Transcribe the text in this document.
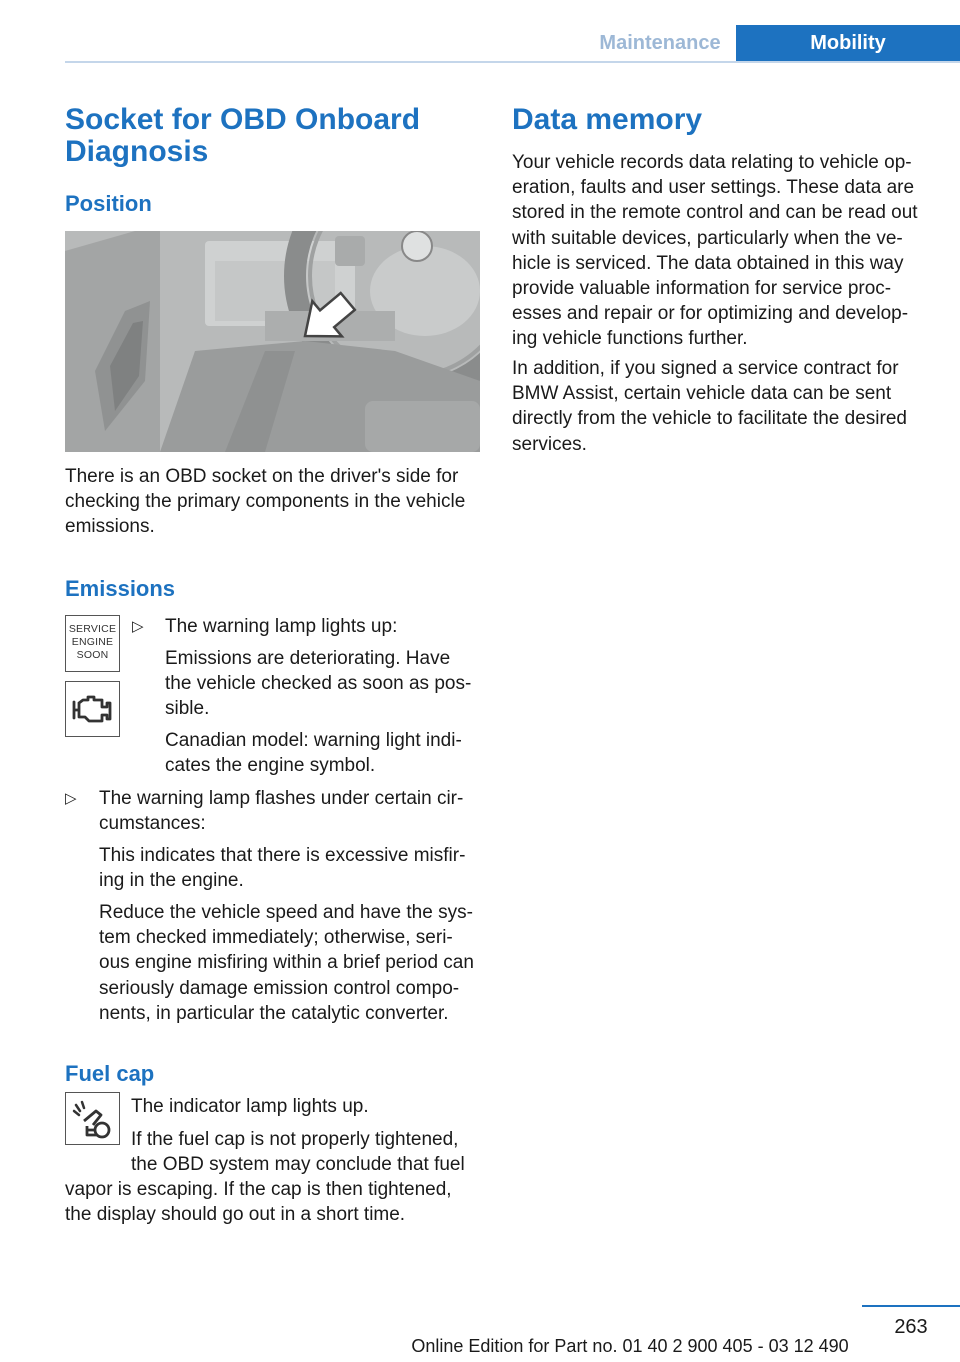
Maintenance	Mobility
Socket for OBD Onboard
Diagnosis
Position
There is an OBD socket on the driver's side for
checking the primary components in the vehicle
emissions.
Emissions
SERVICE
ENGINE
SOON
▷ The warning lamp lights up:
Emissions are deteriorating. Have
the vehicle checked as soon as pos-
sible.
Canadian model: warning light indi-
cates the engine symbol.
▷ The warning lamp flashes under certain cir-
cumstances:
This indicates that there is excessive misfir-
ing in the engine.
Reduce the vehicle speed and have the sys-
tem checked immediately; otherwise, seri-
ous engine misfiring within a brief period can
seriously damage emission control compo-
nents, in particular the catalytic converter.
Fuel cap
The indicator lamp lights up.
If the fuel cap is not properly tightened,
the OBD system may conclude that fuel
vapor is escaping. If the cap is then tightened,
the display should go out in a short time.
Data memory
Your vehicle records data relating to vehicle op-
eration, faults and user settings. These data are
stored in the remote control and can be read out
with suitable devices, particularly when the ve-
hicle is serviced. The data obtained in this way
provide valuable information for service proc-
esses and repair or for optimizing and develop-
ing vehicle functions further.
In addition, if you signed a service contract for
BMW Assist, certain vehicle data can be sent
directly from the vehicle to facilitate the desired
services.
263
Online Edition for Part no. 01 40 2 900 405 - 03 12 490
